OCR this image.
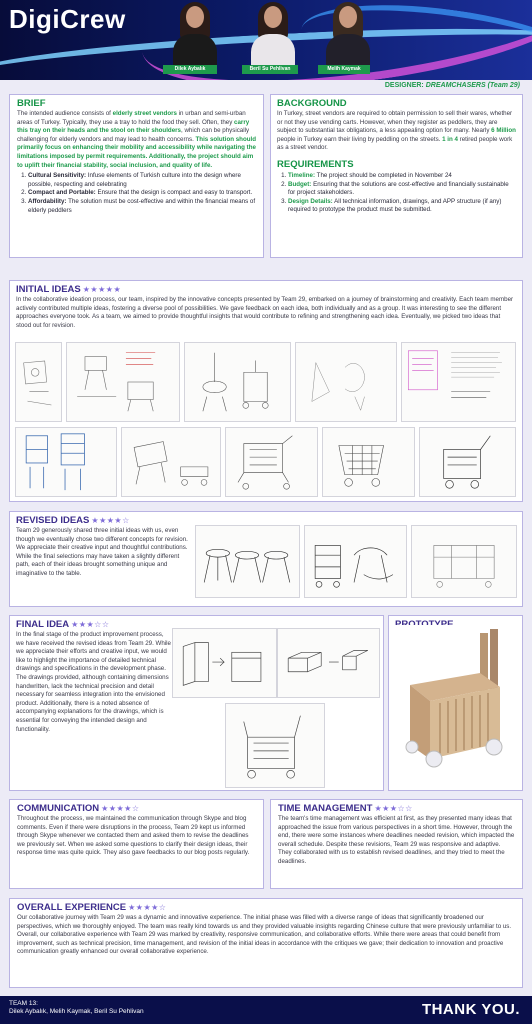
DigiCrew
Dilek Aybalık	Beril Su Pehlivan	Melih Kaymak
DESIGNER: DREAMCHASERS (Team 29)
BRIEF
The intended audience consists of elderly street vendors in urban and semi-urban areas of Turkey. Typically, they use a tray to hold the food they sell. Often, they carry this tray on their heads and the stool on their shoulders, which can be physically challenging for elderly vendors and may lead to health concerns. This solution should primarily focus on enhancing their mobility and accessibility while navigating the limitations imposed by permit requirements. Additionally, the project should aim to uplift their financial stability, social inclusion, and quality of life.
1. Cultural Sensitivity: Infuse elements of Turkish culture into the design where possible, respecting and celebrating
2. Compact and Portable: Ensure that the design is compact and easy to transport.
3. Affordability: The solution must be cost-effective and within the financial means of elderly peddlers
BACKGROUND
In Turkey, street vendors are required to obtain permission to sell their wares, whether or not they use vending carts. However, when they register as peddlers, they are subject to substantial tax obligations, a less appealing option for many. Nearly 6 Million people in Turkey earn their living by peddling on the streets. 1 in 4 retired people work as a street vendor.
REQUIREMENTS
1. Timeline: The project should be completed in November 24
2. Budget: Ensuring that the solutions are cost-effective and financially sustainable for project stakeholders.
3. Design Details: All technical information, drawings, and APP structure (if any) required to prototype the product must be submitted.
INITIAL IDEAS ★★★★★
In the collaborative ideation process, our team, inspired by the innovative concepts presented by Team 29, embarked on a journey of brainstorming and creativity. Each team member actively contributed multiple ideas, fostering a diverse pool of possibilities. We gave feedback on each idea, both individually and as a group. It was interesting to see the different approaches everyone took. As a team, we aimed to provide thoughtful insights that would contribute to refining and strengthening each idea. Eventually, we picked two ideas that stood out for revision.
REVISED IDEAS ★★★★☆
Team 29 generously shared three initial ideas with us, even though we eventually chose two different concepts for revision. We appreciate their creative input and thoughtful contributions. While the final selections may have taken a slightly different path, each of their ideas brought something unique and imaginative to the table.
FINAL IDEA ★★★☆☆
In the final stage of the product improvement process, we have received the revised ideas from Team 29. While we appreciate their efforts and creative input, we would like to highlight the importance of detailed technical drawings and specifications in the development phase. The drawings provided, although containing dimensions handwritten, lack the technical precision and detail necessary for seamless integration into the envisioned product. Additionally, there is a noted absence of accompanying explanations for the drawings, which is essential for conveying the intended design and functionality.
COMMUNICATION ★★★★☆
Throughout the process, we maintained the communication through Skype and blog comments. Even if there were disruptions in the process, Team 29 kept us informed through Skype whenever we contacted them and asked them to revise the deadlines we previously set. When we asked some questions to clarify their design ideas, their response time was quite quick. They also gave feedbacks to our blog posts regularly.
TIME MANAGEMENT ★★★☆☆
The team's time management was efficient at first, as they presented many ideas that approached the issue from various perspectives in a short time. However, through the end, there were some instances where deadlines needed revision, which impacted the overall schedule. Despite these revisions, Team 29 was responsive and adaptive. They collaborated with us to establish revised deadlines, and they tried to meet the deadlines.
OVERALL EXPERIENCE ★★★★☆
Our collaborative journey with Team 29 was a dynamic and innovative experience. The initial phase was filled with a diverse range of ideas that significantly broadened our perspectives, which we thoroughly enjoyed. The team was really kind towards us and they provided valuable insights regarding Chinese culture that were previously unfamiliar to us. Overall, our collaborative experience with Team 29 was marked by creativity, responsive communication, and collaborative efforts. While there were areas that could benefit from improvement, such as technical precision, time management, and revision of the initial ideas in accordance with the critiques we gave; their dedication to innovation and proactive communication greatly enhanced our overall collaborative experience.
TEAM 13:
Dilek Aybalık, Melih Kaymak, Beril Su Pehlivan	THANK YOU.
